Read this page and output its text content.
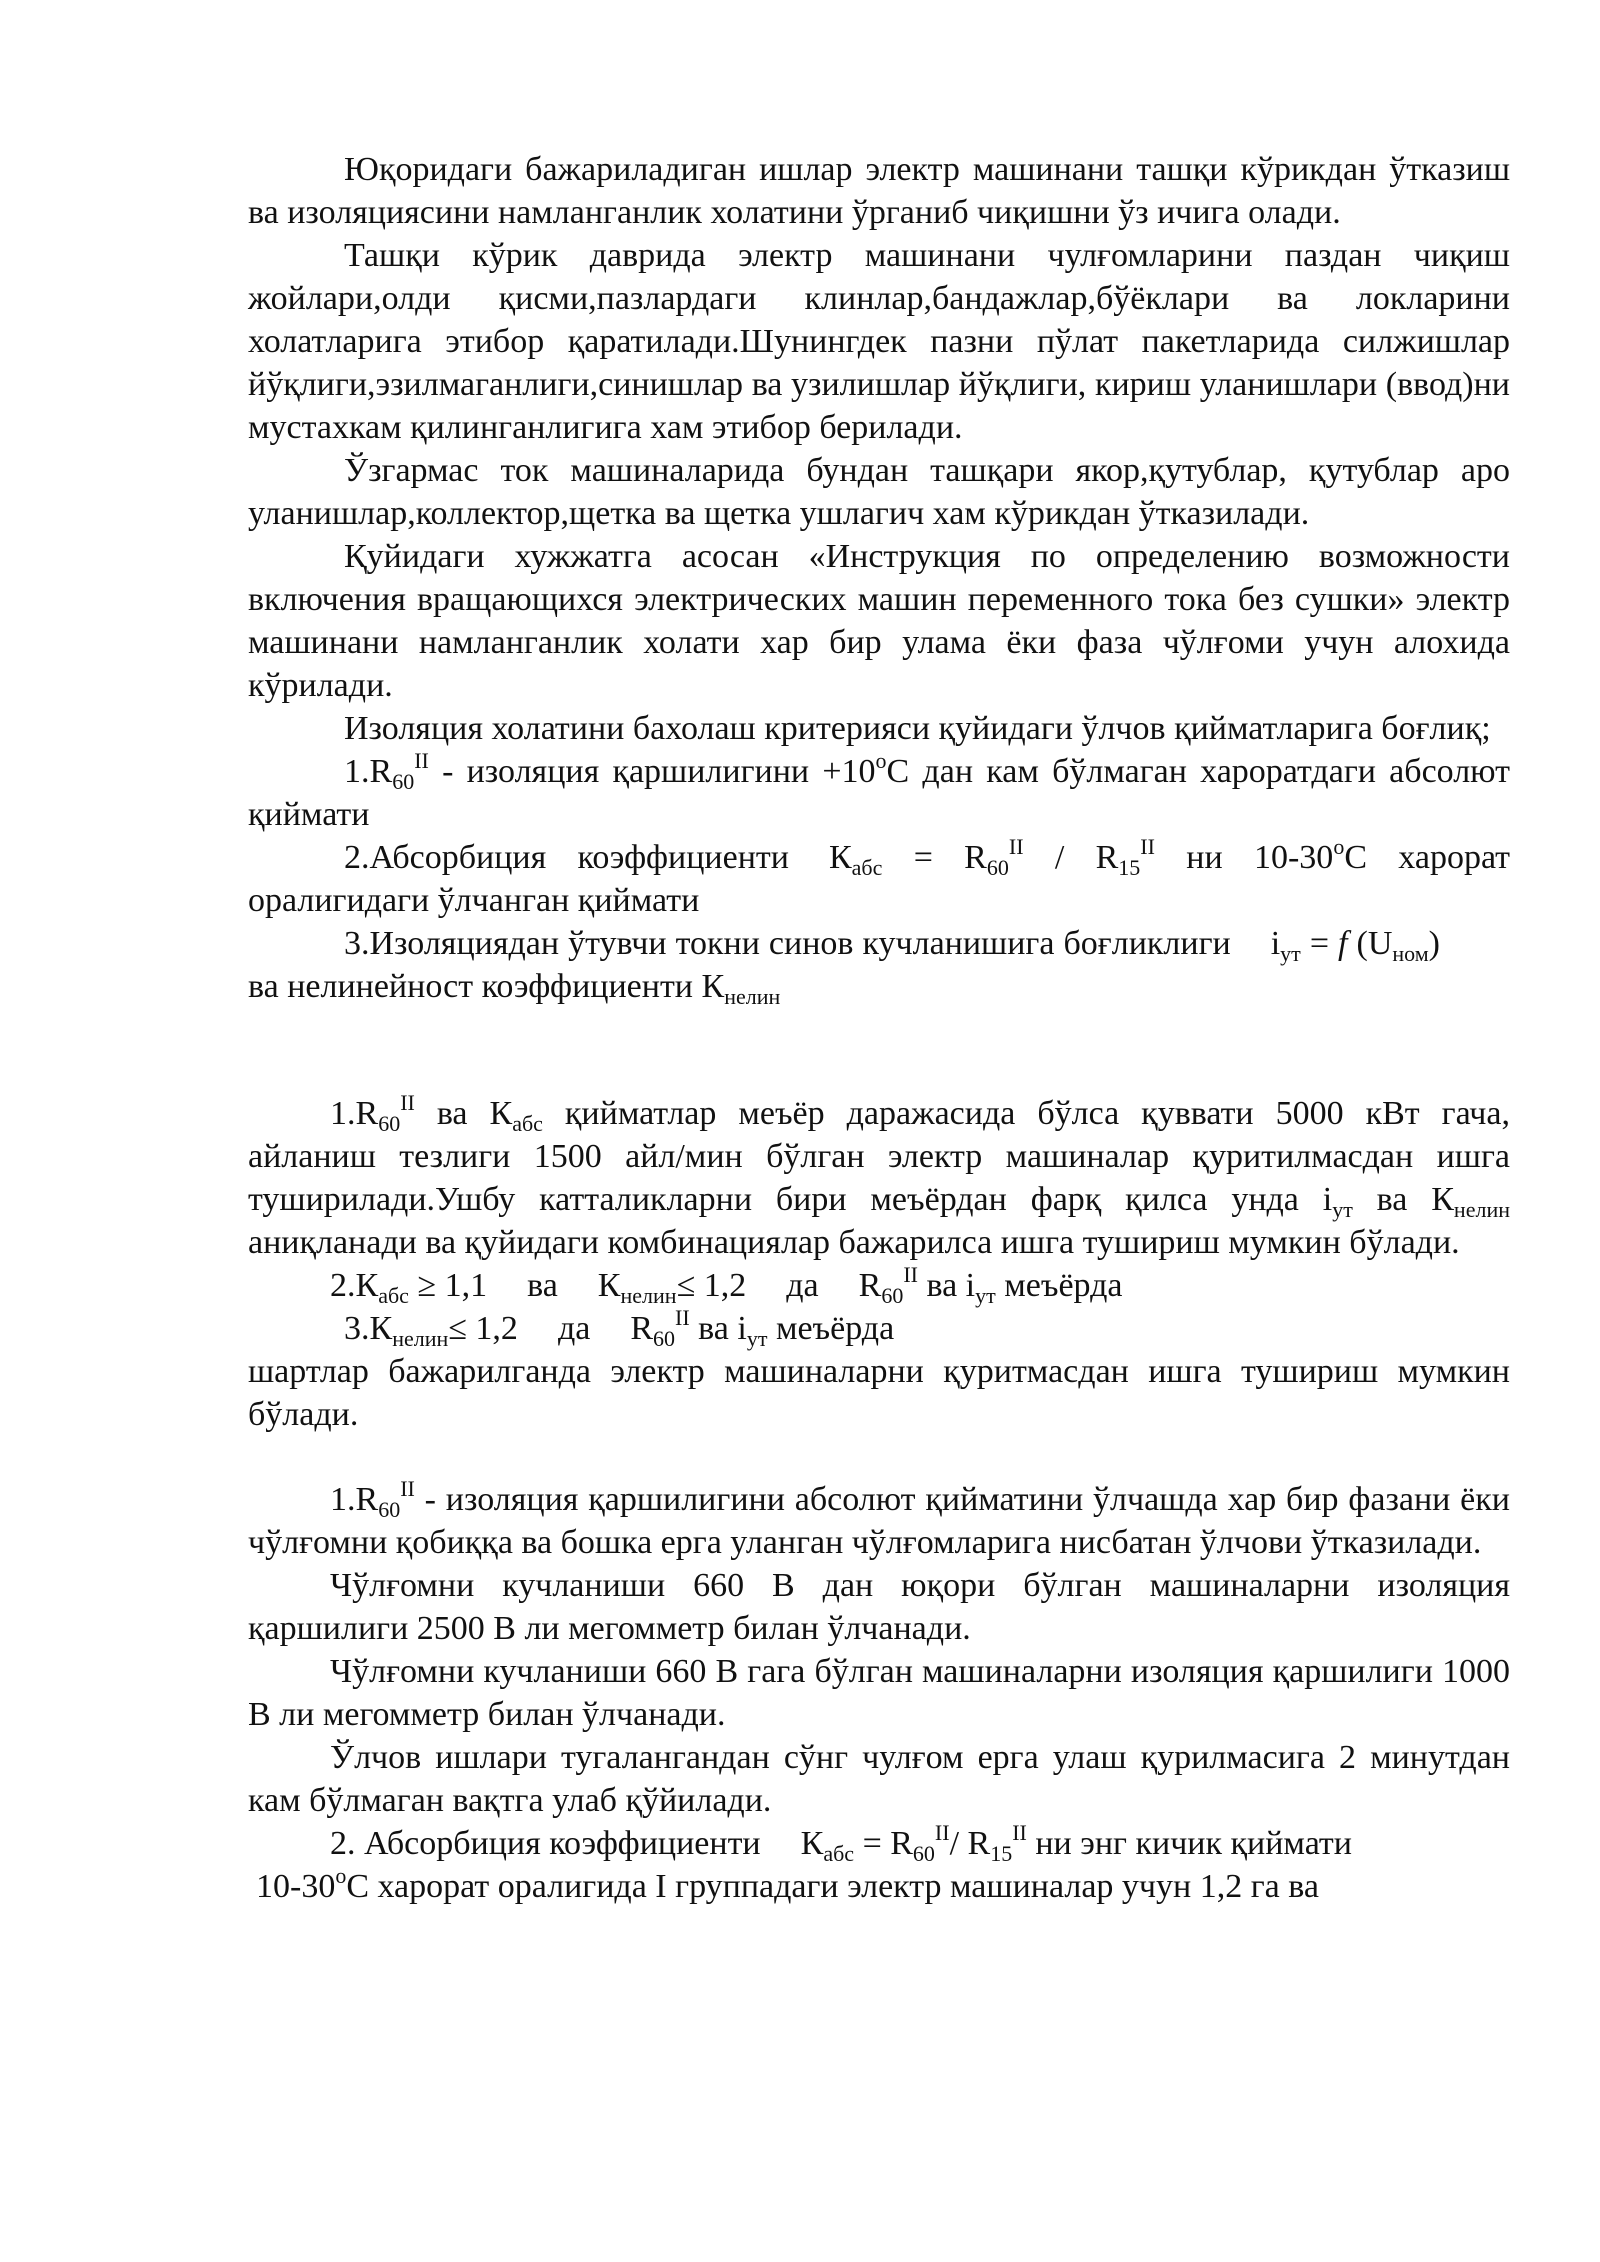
Юқоридаги бажариладиган ишлар электр машинани ташқи кўрикдан ўтказиш ва изоляциясини намланганлик холатини ўрганиб чиқишни ўз ичига олади.

Ташқи кўрик даврида электр машинани чулғомларини паздан чиқиш жойлари,олди қисми,пазлардаги клинлар,бандажлар,бўёклари ва локларини холатларига этибор қаратилади.Шунингдек пазни пўлат пакетларида силжишлар йўқлиги,эзилмаганлиги,синишлар ва узилишлар йўқлиги, кириш уланишлари (ввод)ни мустахкам қилинганлигига хам этибор берилади.

Ўзгармас ток машиналарида бундан ташқари якор,қутублар, қутублар аро уланишлар,коллектор,щетка ва щетка ушлагич хам кўрикдан ўтказилади.

Қуйидаги хужжатга асосан «Инструкция по определению возможности включения вращающихся электрических машин переменного тока без сушки» электр машинани намланганлик холати хар бир улама ёки фаза чўлғоми учун алохида кўрилади.

Изоляция холатини бахолаш критерияси қуйидаги ўлчов қийматларига боғлиқ;

$1.R_{60}^{II}$ - изоляция қаршилигини $+10^oС$ дан кам бўлмаган хароратдаги абсолют қиймати

2.Абсорбиция коэффициенти $К_{абс} = R_{60}^{II} / R_{15}^{II}$ ни 10-30$^o$С харорат оралигидаги ўлчанган қиймати

3.Изоляциядан ўтувчи токни синов кучланишига боғликлиги $i_{ут} = f$ $(U_{ном})ва$ нелинейност коэффициенти $К_{нелин}$

$1.R_{60}^{II}$ ва $К_{абс}$ қийматлар меъёр даражасида бўлса қуввати 5000 кВт гача, айланиш тезлиги 1500 айл/мин бўлган электр машиналар қуритилмасдан ишга туширилади.Ушбу катталикларни бири меъёрдан фарқ қилса унда $i_{ут}$ ва $К_{нелин}$ аниқланади ва қуйидаги комбинациялар бажарилса ишга тушириш мумкин бўлади.

$2.К_{абс} \ge 1,1$ ва $К_{нелин}\le 1,2$ да $R_{60}^{II}$ ва $i_{ут}$ меъёрда

$3.К_{нелин}\le 1,2$ да $R_{60}^{II}$ ва $i_{ут}$ меъёрда

шартлар бажарилганда электр машиналарни қуритмасдан ишга тушириш мумкин бўлади.

$1.R_{60}^{II}$ - изоляция қаршилигини абсолют қийматини ўлчашда хар бир фазани ёки чўлғомни қобиққа ва бошка ерга уланган чўлғомларига нисбатан ўлчови ўтказилади.

Чўлғомни кучланиши 660 В дан юқори бўлган машиналарни изоляция қаршилиги 2500 В ли мегомметр билан ўлчанади.

Чўлғомни кучланиши 660 В гага бўлган машиналарни изоляция қаршилиги 1000 В ли мегомметр билан ўлчанади.

Ўлчов ишлари тугалангандан сўнг чулғом ерга улаш қурилмасига 2 минутдан кам бўлмаган вақтга улаб қўйилади.

2. Абсорбиция коэффициенти $К_{абс} = R_{60}^{II}/$ $R_{15}^{II}$ ни энг кичик қиймати

10-30$^o$С харорат оралигида I группадаги электр машиналар учун 1,2 га ва
